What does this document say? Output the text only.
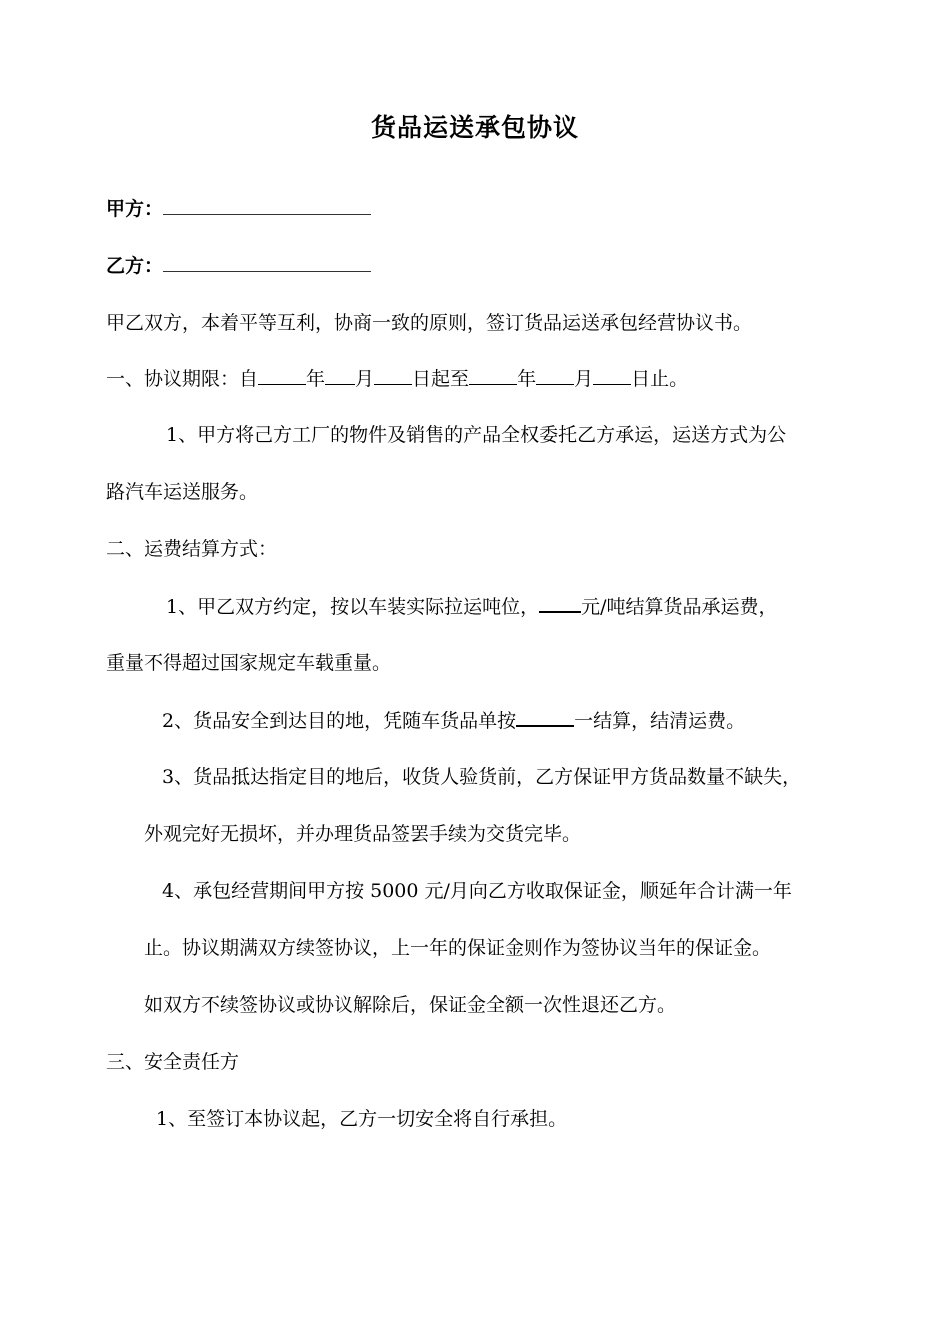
货品运送承包协议
甲方：
乙方：
甲乙双方，本着平等互利，协商一致的原则，签订货品运送承包经营协议书。
一、协议期限：自	年 月 日起至	年 月 日止。
1、甲方将己方工厂的物件及销售的产品全权委托乙方承运，运送方式为公
路汽车运送服务。
二、运费结算方式：
1、甲乙双方约定，按以车装实际拉运吨位， 元/吨结算货品承运费，
重量不得超过国家规定车载重量。
2、货品安全到达目的地，凭随车货品单按	一结算，结清运费。
3、货品抵达指定目的地后，收货人验货前，乙方保证甲方货品数量不缺失，
外观完好无损坏，并办理货品签罢手续为交货完毕。
4、承包经营期间甲方按 5000 元/月向乙方收取保证金，顺延年合计满一年
止。协议期满双方续签协议，上一年的保证金则作为签协议当年的保证金。
如双方不续签协议或协议解除后，保证金全额一次性退还乙方。
三、安全责任方
1、至签订本协议起，乙方一切安全将自行承担。
